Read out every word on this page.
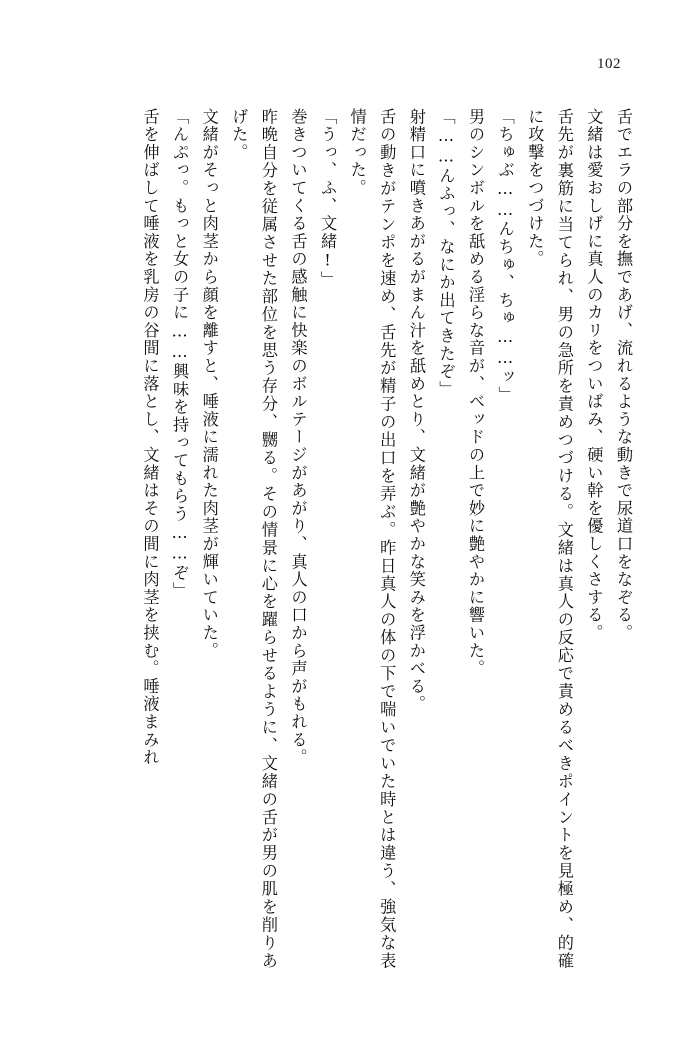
102

舌でエラの部分を撫であげ、流れるような動きで尿道口をなぞる。

文緒は愛おしげに真人のカリをついばみ、硬い幹を優しくさする。

舌先が裏筋に当てられ、男の急所を責めつづける。文緒は真人の反応で責めるべきポイントを見極め、的確に攻撃をつづけた。

「ちゅぶ……んちゅ、ちゅ……ッ」

男のシンボルを舐める淫らな音が、ベッドの上で妙に艶やかに響いた。

「……んふっ、なにか出てきたぞ」

射精口に噴きあがるがまん汁を舐めとり、文緒が艶やかな笑みを浮かべる。

舌の動きがテンポを速め、舌先が精子の出口を弄ぶ。昨日真人の体の下で喘いでいた時とは違う、強気な表情だった。

「うっ、ふ、文緒!」

巻きついてくる舌の感触に快楽のボルテージがあがり、真人の口から声がもれる。

昨晩自分を従属させた部位を思う存分、嬲る。その情景に心を躍らせるように、文緒の舌が男の肌を削りあげた。

文緒がそっと肉茎から顔を離すと、唾液に濡れた肉茎が輝いていた。

「んぷっ。もっと女の子に……興味を持ってもらう……ぞ」

舌を伸ばして唾液を乳房の谷間に落とし、文緒はその間に肉茎を挟む。唾液まみれ
